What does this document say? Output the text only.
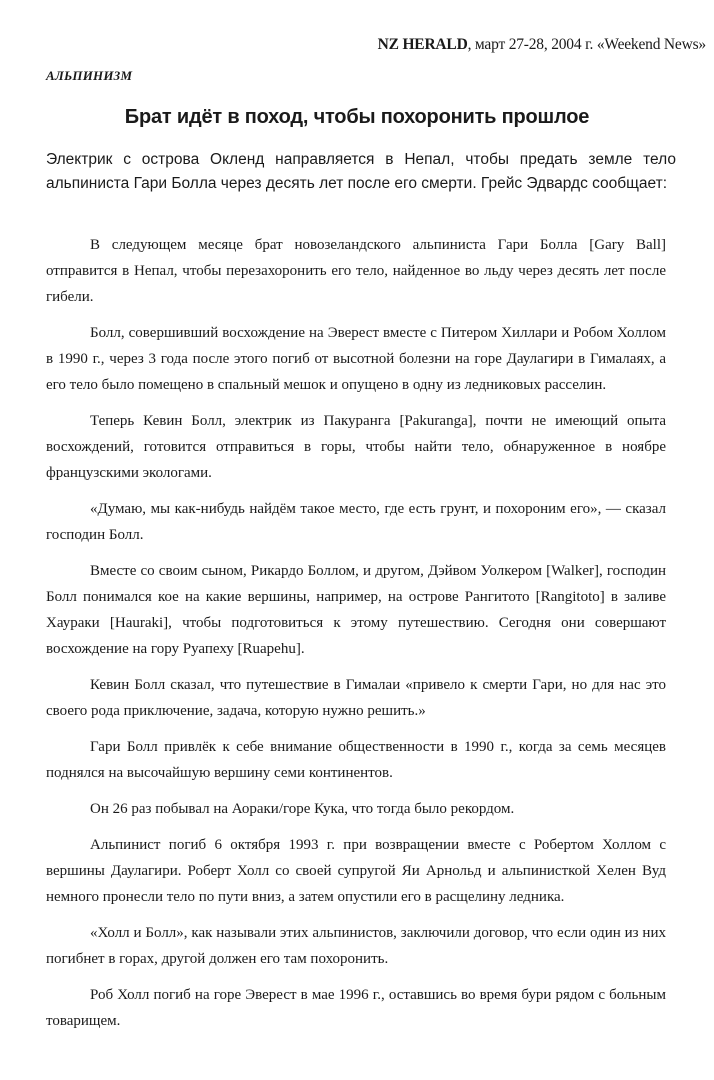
NZ HERALD, март 27-28, 2004 г. «Weekend News»
АЛЬПИНИЗМ
Брат идёт в поход, чтобы похоронить прошлое
Электрик с острова Окленд направляется в Непал, чтобы предать земле тело альпиниста Гари Болла через десять лет после его смерти. Грейс Эдвардс сообщает:

В следующем месяце брат новозеландского альпиниста Гари Болла [Gary Ball] отправится в Непал, чтобы перезахоронить его тело, найденное во льду через десять лет после гибели.

Болл, совершивший восхождение на Эверест вместе с Питером Хиллари и Робом Холлом в 1990 г., через 3 года после этого погиб от высотной болезни на горе Даулагири в Гималаях, а его тело было помещено в спальный мешок и опущено в одну из ледниковых расселин.

Теперь Кевин Болл, электрик из Пакуранга [Pakuranga], почти не имеющий опыта восхождений, готовится отправиться в горы, чтобы найти тело, обнаруженное в ноябре французскими экологами.

«Думаю, мы как-нибудь найдём такое место, где есть грунт, и похороним его», — сказал господин Болл.

Вместе со своим сыном, Рикардо Боллом, и другом, Дэйвом Уолкером [Walker], господин Болл понимался кое на какие вершины, например, на острове Рангитото [Rangitoto] в заливе Хаураки [Hauraki], чтобы подготовиться к этому путешествию. Сегодня они совершают восхождение на гору Руапеху [Ruapehu].

Кевин Болл сказал, что путешествие в Гималаи «привело к смерти Гари, но для нас это своего рода приключение, задача, которую нужно решить.»

Гари Болл привлёк к себе внимание общественности в 1990 г., когда за семь месяцев поднялся на высочайшую вершину семи континентов.

Он 26 раз побывал на Аораки/горе Кука, что тогда было рекордом.

Альпинист погиб 6 октября 1993 г. при возвращении вместе с Робертом Холлом с вершины Даулагири. Роберт Холл со своей супругой Яи Арнольд и альпинисткой Хелен Вуд немного пронесли тело по пути вниз, а затем опустили его в расщелину ледника.

«Холл и Болл», как называли этих альпинистов, заключили договор, что если один из них погибнет в горах, другой должен его там похоронить.

Роб Холл погиб на горе Эверест в мае 1996 г., оставшись во время бури рядом с больным товарищем.
